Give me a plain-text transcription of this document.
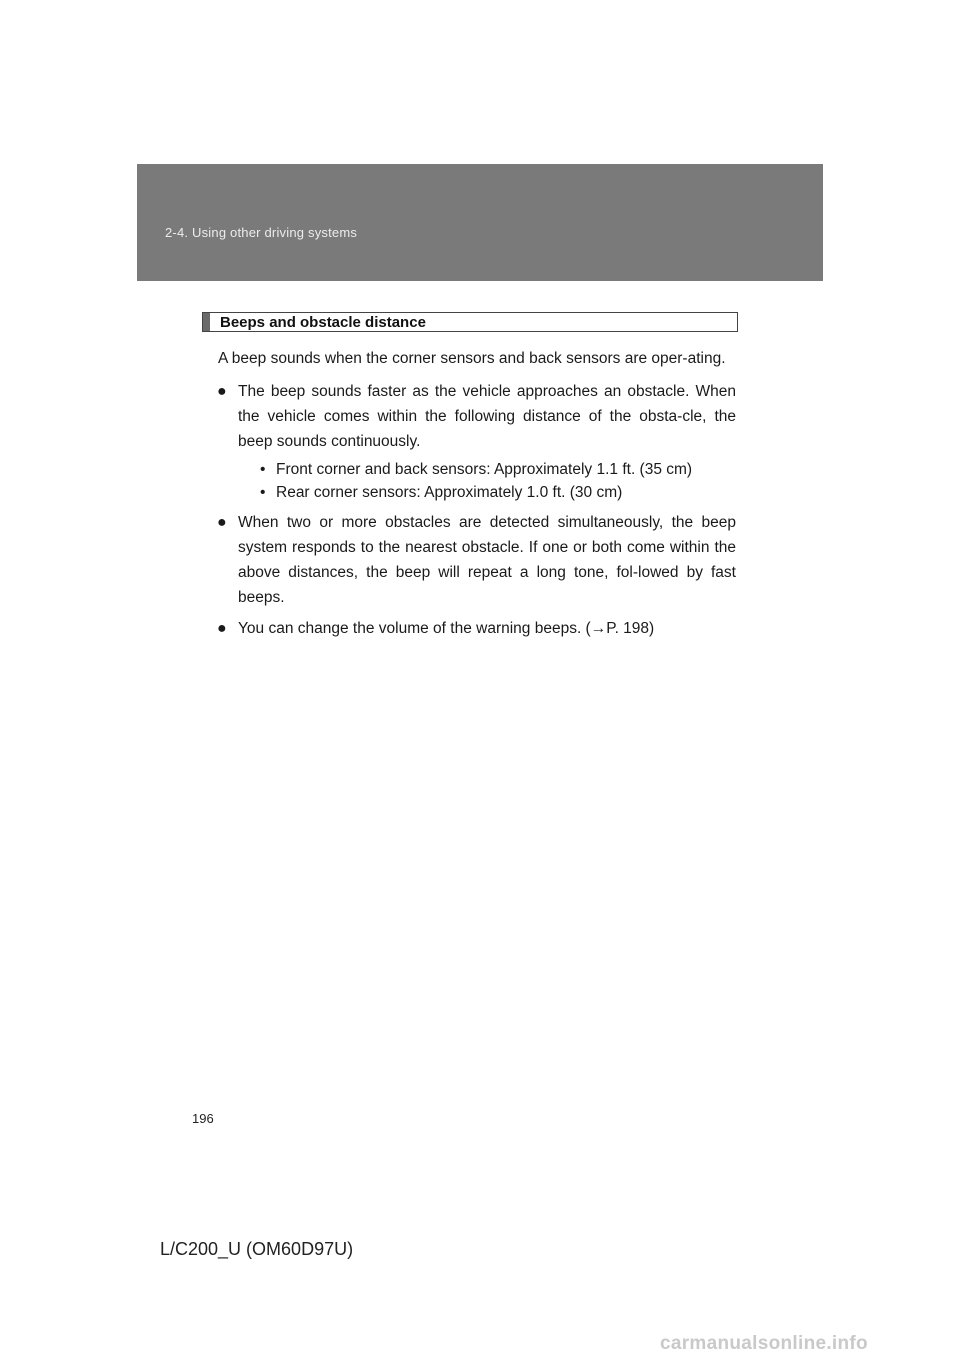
2-4. Using other driving systems
Beeps and obstacle distance

A beep sounds when the corner sensors and back sensors are oper-ating.

● The beep sounds faster as the vehicle approaches an obstacle. When the vehicle comes within the following distance of the obsta-cle, the beep sounds continuously.
• Front corner and back sensors: Approximately 1.1 ft. (35 cm)
• Rear corner sensors: Approximately 1.0 ft. (30 cm)
● When two or more obstacles are detected simultaneously, the beep system responds to the nearest obstacle. If one or both come within the above distances, the beep will repeat a long tone, fol-lowed by fast beeps.
● You can change the volume of the warning beeps. (→P. 198)
196
L/C200_U (OM60D97U)
carmanualsonline.info
